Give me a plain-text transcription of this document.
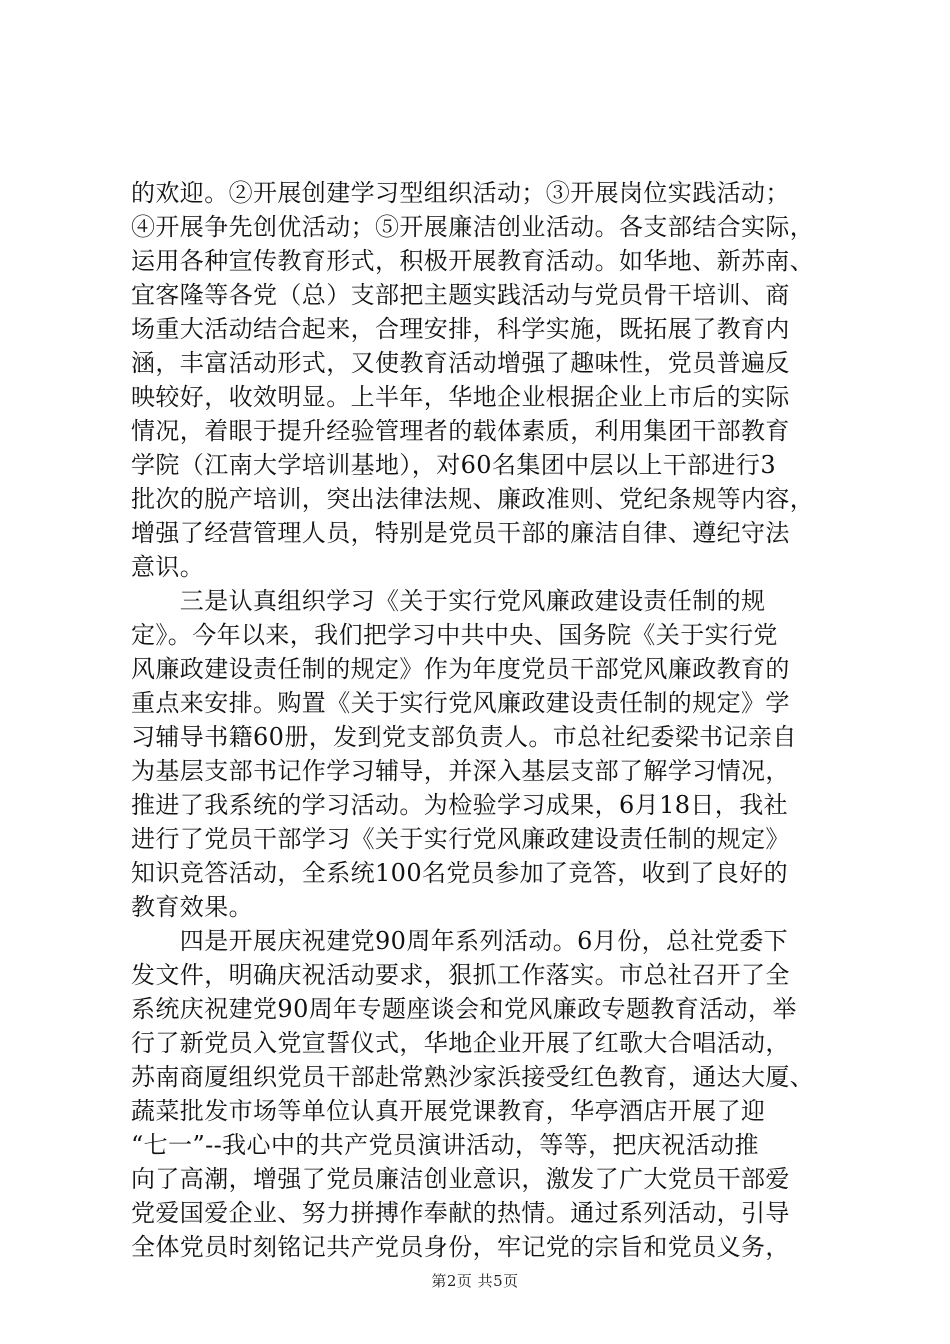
的欢迎。②开展创建学习型组织活动；③开展岗位实践活动；
④开展争先创优活动；⑤开展廉洁创业活动。各支部结合实际，
运用各种宣传教育形式，积极开展教育活动。如华地、新苏南、
宜客隆等各党（总）支部把主题实践活动与党员骨干培训、商
场重大活动结合起来，合理安排，科学实施，既拓展了教育内
涵，丰富活动形式，又使教育活动增强了趣味性，党员普遍反
映较好，收效明显。上半年，华地企业根据企业上市后的实际
情况，着眼于提升经验管理者的载体素质，利用集团干部教育
学院（江南大学培训基地），对60名集团中层以上干部进行3
批次的脱产培训，突出法律法规、廉政准则、党纪条规等内容，
增强了经营管理人员，特别是党员干部的廉洁自律、遵纪守法
意识。
　　三是认真组织学习《关于实行党风廉政建设责任制的规
定》。今年以来，我们把学习中共中央、国务院《关于实行党
风廉政建设责任制的规定》作为年度党员干部党风廉政教育的
重点来安排。购置《关于实行党风廉政建设责任制的规定》学
习辅导书籍60册，发到党支部负责人。市总社纪委梁书记亲自
为基层支部书记作学习辅导，并深入基层支部了解学习情况，
推进了我系统的学习活动。为检验学习成果，6月18日，我社
进行了党员干部学习《关于实行党风廉政建设责任制的规定》
知识竞答活动，全系统100名党员参加了竞答，收到了良好的
教育效果。
　　四是开展庆祝建党90周年系列活动。6月份，总社党委下
发文件，明确庆祝活动要求，狠抓工作落实。市总社召开了全
系统庆祝建党90周年专题座谈会和党风廉政专题教育活动，举
行了新党员入党宣誓仪式，华地企业开展了红歌大合唱活动，
苏南商厦组织党员干部赴常熟沙家浜接受红色教育，通达大厦、
蔬菜批发市场等单位认真开展党课教育，华亭酒店开展了迎
“七一”--我心中的共产党员演讲活动，等等，把庆祝活动推
向了高潮，增强了党员廉洁创业意识，激发了广大党员干部爱
党爱国爱企业、努力拼搏作奉献的热情。通过系列活动，引导
全体党员时刻铭记共产党员身份，牢记党的宗旨和党员义务，
第2页 共5页
